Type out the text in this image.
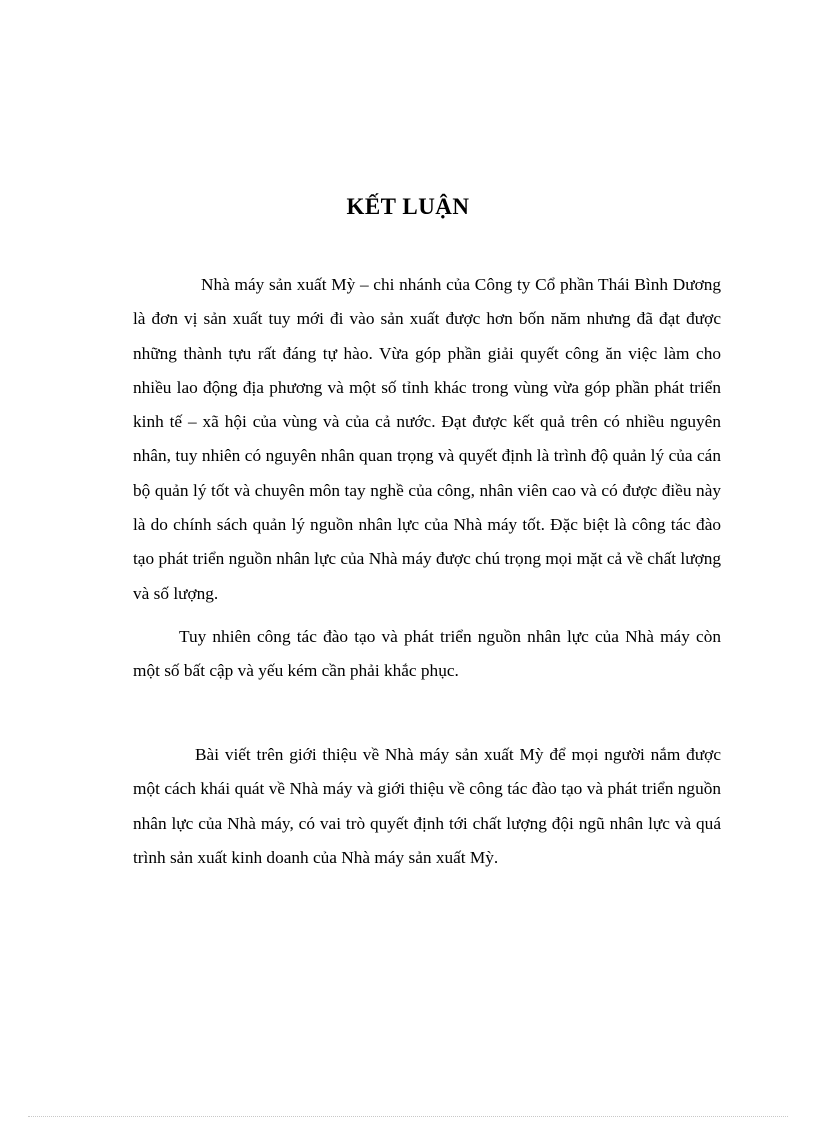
KẾT LUẬN
Nhà máy sản xuất Mỳ – chi nhánh của Công ty Cổ phần Thái Bình Dương là đơn vị sản xuất tuy mới đi vào sản xuất được hơn bốn năm nhưng đã đạt được những thành tựu rất đáng tự hào. Vừa góp phần giải quyết công ăn việc làm cho nhiều lao động địa phương và một số tỉnh khác trong vùng vừa góp phần phát triển kinh tế – xã hội của vùng và của cả nước. Đạt được kết quả trên có nhiều nguyên nhân, tuy nhiên có nguyên nhân quan trọng và quyết định là trình độ quản lý của cán bộ quản lý tốt và chuyên môn tay nghề của công, nhân viên cao và có được điều này là do chính sách quản lý nguồn nhân lực của Nhà máy tốt. Đặc biệt là công tác đào tạo phát triển nguồn nhân lực của Nhà máy được chú trọng mọi mặt cả về chất lượng và số lượng.
Tuy nhiên công tác đào tạo và phát triển nguồn nhân lực của Nhà máy còn một số bất cập và yếu kém cần phải khắc phục.
Bài viết trên giới thiệu về Nhà máy sản xuất Mỳ để mọi người nắm được một cách khái quát về Nhà máy và giới thiệu về công tác đào tạo và phát triển nguồn nhân lực của Nhà máy, có vai trò quyết định tới chất lượng đội ngũ nhân lực và quá trình sản xuất kinh doanh của Nhà máy sản xuất Mỳ.
